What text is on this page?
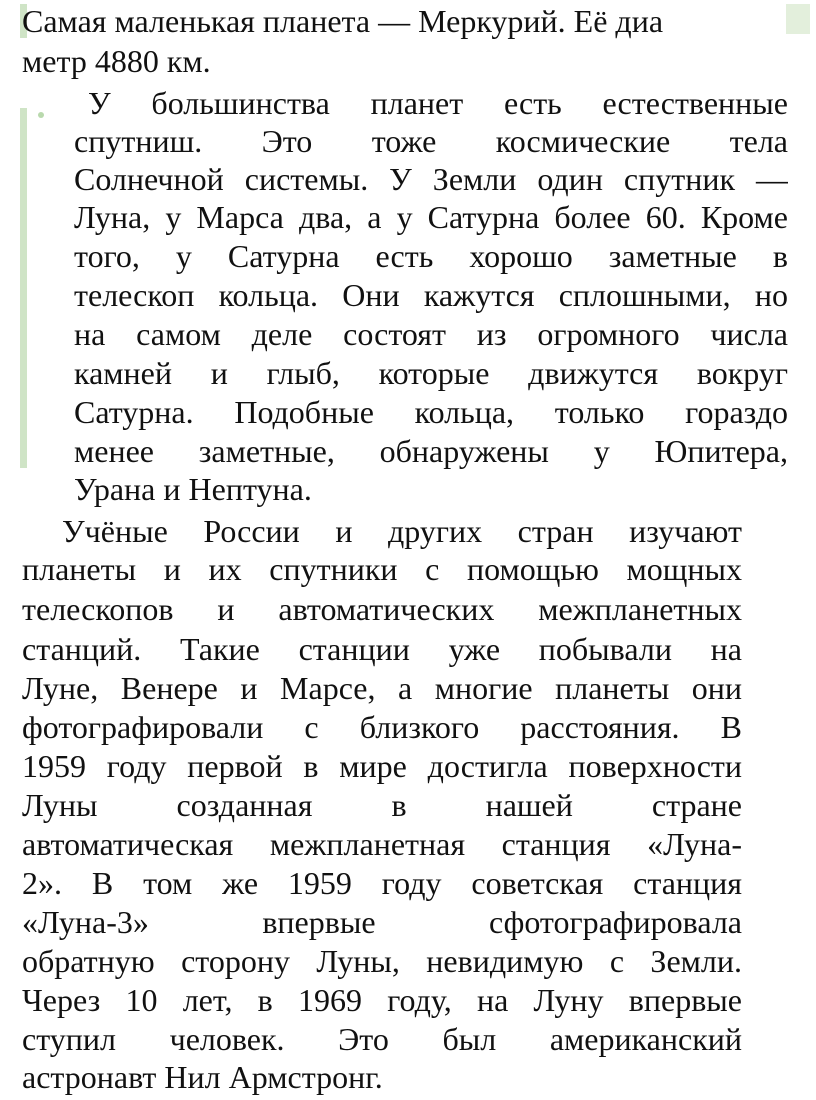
Самая маленькая планета — Меркурий. Её диа
метр 4880 км.
У большинства планет есть естественные
спутниш. Это тоже космические тела
Солнечной системы. У Земли один спутник —
Луна, у Марса два, а у Сатурна более 60. Кроме
того, у Сатурна есть хорошо заметные в
телескоп кольца. Они кажутся сплошными, но
на самом деле состоят из огромного числа
камней и глыб, которые движутся вокруг
Сатурна. Подобные кольца, только гораздо
менее заметные, обнаружены у Юпитера,
Урана и Нептуна.
Учёные России и других стран изучают
планеты и их спутники с помощью мощных
телескопов и автоматических межпланетных
станций. Такие станции уже побывали на
Луне, Венере и Марсе, а многие планеты они
фотографировали с близкого расстояния. В
1959 году первой в мире достигла поверхности
Луны созданная в нашей стране
автоматическая межпланетная станция «Луна-
2». В том же 1959 году советская станция
«Луна-3» впервые сфотографировала
обратную сторону Луны, невидимую с Земли.
Через 10 лет, в 1969 году, на Луну впервые
ступил человек. Это был американский
астронавт Нил Армстронг.
